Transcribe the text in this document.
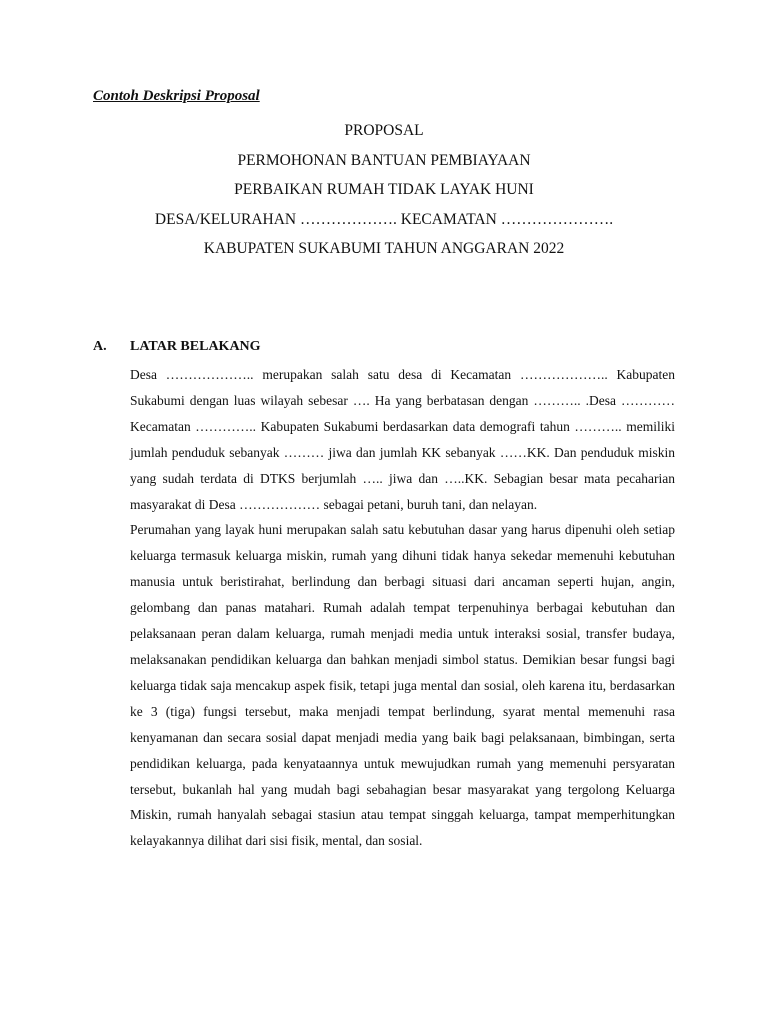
Contoh Deskripsi Proposal

PROPOSAL

PERMOHONAN BANTUAN PEMBIAYAAN

PERBAIKAN RUMAH TIDAK LAYAK HUNI

DESA/KELURAHAN ………………. KECAMATAN ………………….

KABUPATEN SUKABUMI TAHUN ANGGARAN 2022

A. LATAR BELAKANG

Desa ……………….. merupakan salah satu desa di Kecamatan ……………….. Kabupaten Sukabumi dengan luas wilayah sebesar …. Ha yang berbatasan dengan ……….. .Desa ………… Kecamatan ………….. Kabupaten Sukabumi berdasarkan data demografi tahun ……….. memiliki jumlah penduduk sebanyak ……… jiwa dan jumlah KK sebanyak ……KK. Dan penduduk miskin yang sudah terdata di DTKS berjumlah ….. jiwa dan …..KK. Sebagian besar mata pecaharian masyarakat di Desa ……………… sebagai petani, buruh tani, dan nelayan.

Perumahan yang layak huni merupakan salah satu kebutuhan dasar yang harus dipenuhi oleh setiap keluarga termasuk keluarga miskin, rumah yang dihuni tidak hanya sekedar memenuhi kebutuhan manusia untuk beristirahat, berlindung dan berbagi situasi dari ancaman seperti hujan, angin, gelombang dan panas matahari. Rumah adalah tempat terpenuhinya berbagai kebutuhan dan pelaksanaan peran dalam keluarga, rumah menjadi media untuk interaksi sosial, transfer budaya, melaksanakan pendidikan keluarga dan bahkan menjadi simbol status. Demikian besar fungsi bagi keluarga tidak saja mencakup aspek fisik, tetapi juga mental dan sosial, oleh karena itu, berdasarkan ke 3 (tiga) fungsi tersebut, maka menjadi tempat berlindung, syarat mental memenuhi rasa kenyamanan dan secara sosial dapat menjadi media yang baik bagi pelaksanaan, bimbingan, serta pendidikan keluarga, pada kenyataannya untuk mewujudkan rumah yang memenuhi persyaratan tersebut, bukanlah hal yang mudah bagi sebahagian besar masyarakat yang tergolong Keluarga Miskin, rumah hanyalah sebagai stasiun atau tempat singgah keluarga, tampat memperhitungkan kelayakannya dilihat dari sisi fisik, mental, dan sosial.
